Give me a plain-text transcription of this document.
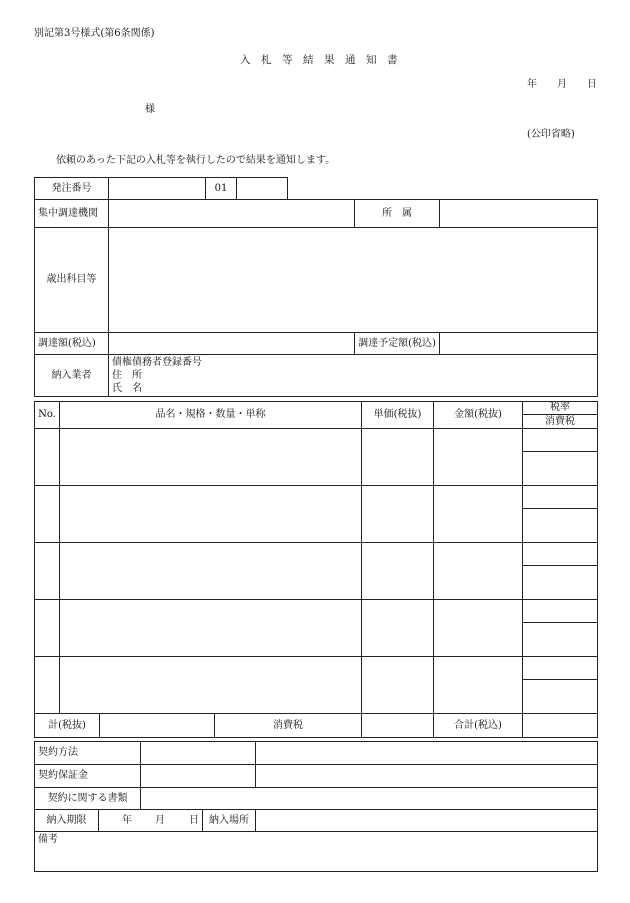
別記第3号様式(第6条関係)
入　札　等　結　果　通　知　書
年 月 日
様
(公印省略)
依頼のあった下記の入札等を執行したので結果を通知します。
発注番号		01	
集中調達機関		所　属	
歳出科目等			
調達額(税込)		調達予定額(税込)	
納入業者	債権債務者登録番号
住　所
氏　名		
No.	品名・規格・数量・単称			単価(税抜)	金額(税抜)	税率
						消費税

計(税抜)			消費税		合計(税込)	
契約方法				
契約保証金				
契約に関する書類				
納入期限	年 月 日		納入場所	
備考				
